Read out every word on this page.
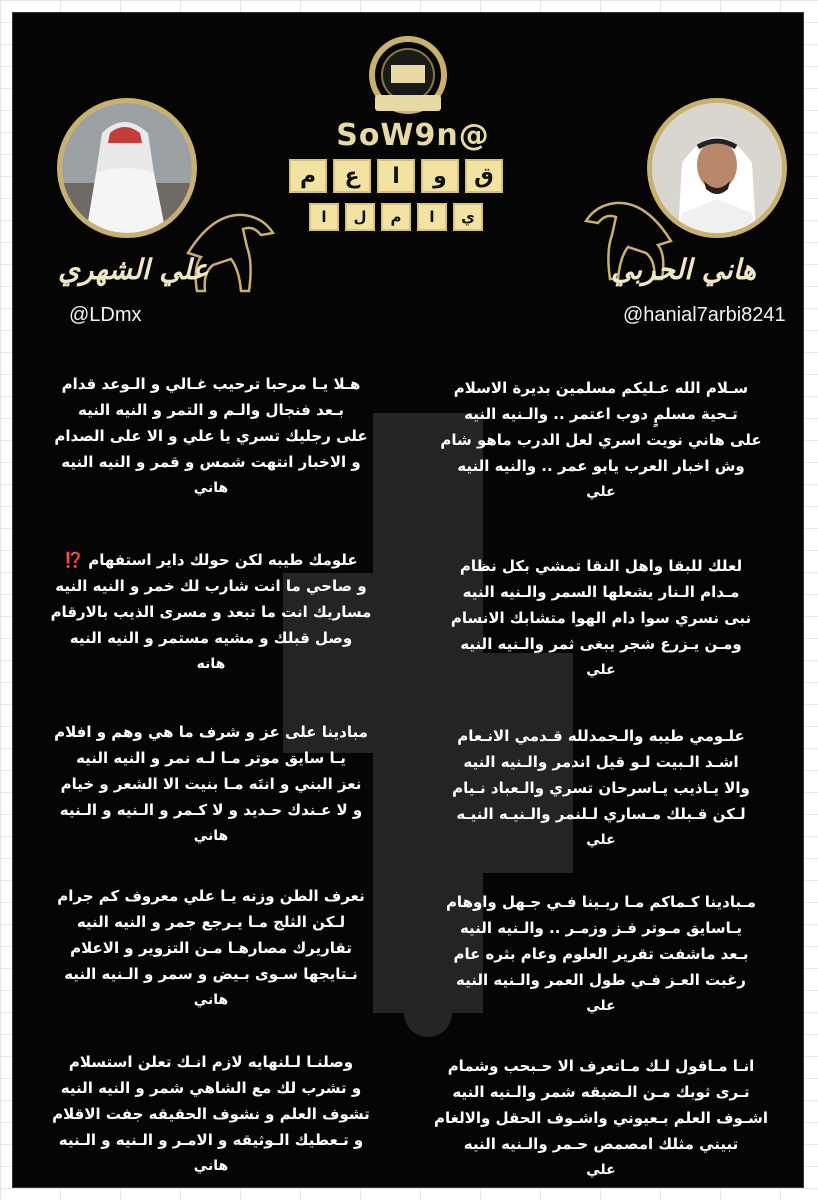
SoW9n@
م	ع	ا	و	ق
ا	ل	م	ا	ي
علي الشهري	هاني الحربي
@LDmx	@hanial7arbi8241
هـلا يـا مرحبا ترحيب غـالي و الـوعد قدام
بـعد فنجال والـم و التمر و النيه النيه
على رجليك تسري يا علي و الا على الصدام
و الاخبار انتهت شمس و قمر و النيه النيه
هاني
علومك طيبه لكن حولك داير استفهام ⁉️
و صاحي ما انت شارب لك خمر و النيه النيه
مساريك انت ما تبعد و مسرى الذيب بالارقام
وصل قبلك و مشيه مستمر و النيه النيه
هانه
مبادينا على عز و شرف ما هي وهم و افلام
يـا سايق موتر مـا لـه نمر و النيه النيه
نعز البني و انتَه مـا بنيت الا الشعر و خيام
و لا عـندك حـديد و لا كـمر و الـنيه و الـنيه
هاني
نعرف الطن وزنه يـا علي معروف كم جرام
لـكن الثلج مـا يـرجع جمر و النيه النيه
تقاريرك مصارهـا مـن التزوير و الاعلام
نـتايجها سـوى بـيض و سمر و الـنيه النيه
هاني
وصلنـا لـلنهايه لازم انـك تعلن استسلام
و تشرب لك مع الشاهي شمر و النيه النيه
تشوف العلم و نشوف الحقيقه جفت الاقلام
و تـعطيك الـوثيقه و الامـر و الـنيه و الـنيه
هاني
سـلام الله عـليكم مسلمين بديرة الاسلام
تـحية مسلمٍ دوب اعتمر .. والـنيه النيه
على هاني نويت اسري لعل الدرب ماهو شام
وش اخبار العرب يابو عمر .. والنيه النيه
علي
لعلك للبقا واهل النقا تمشي بكل نظام
مـدام الـنار يشعلها السمر والـنيه النيه
نبى نسري سوا دام الهوا متشابك الانسام
ومـن يـزرع شجر يبغى ثمر والـنيه النيه
علي
علـومي طيبه والـحمدلله قـدمي الانـعام
اشـد الـبيت لـو قيل اندمر والـنيه النيه
والا يـاذيب يـاسرحان تسري والـعباد نـيام
لـكن قـبلك مـساري لـلنمر والـنيـه النيـه
علي
مـبادينا كـماكم مـا ربـينا فـي جـهل واوهام
يـاسايق مـوتر فـز وزمـر .. والـنيه النيه
بـعد ماشفت تقرير العلوم وعام بثره عام
رغبت العـز فـي طول العمر والـنيه النيه
علي
انـا مـاقول لـك مـاتعرف الا حـبحب وشمام
تـرى ثوبك مـن الـضيقه شمر والـنيه النيه
اشـوف العلم بـعيوني واشـوف الحقل والالغام
تبيني مثلك امصمص حـمر والـنيه النيه
علي
